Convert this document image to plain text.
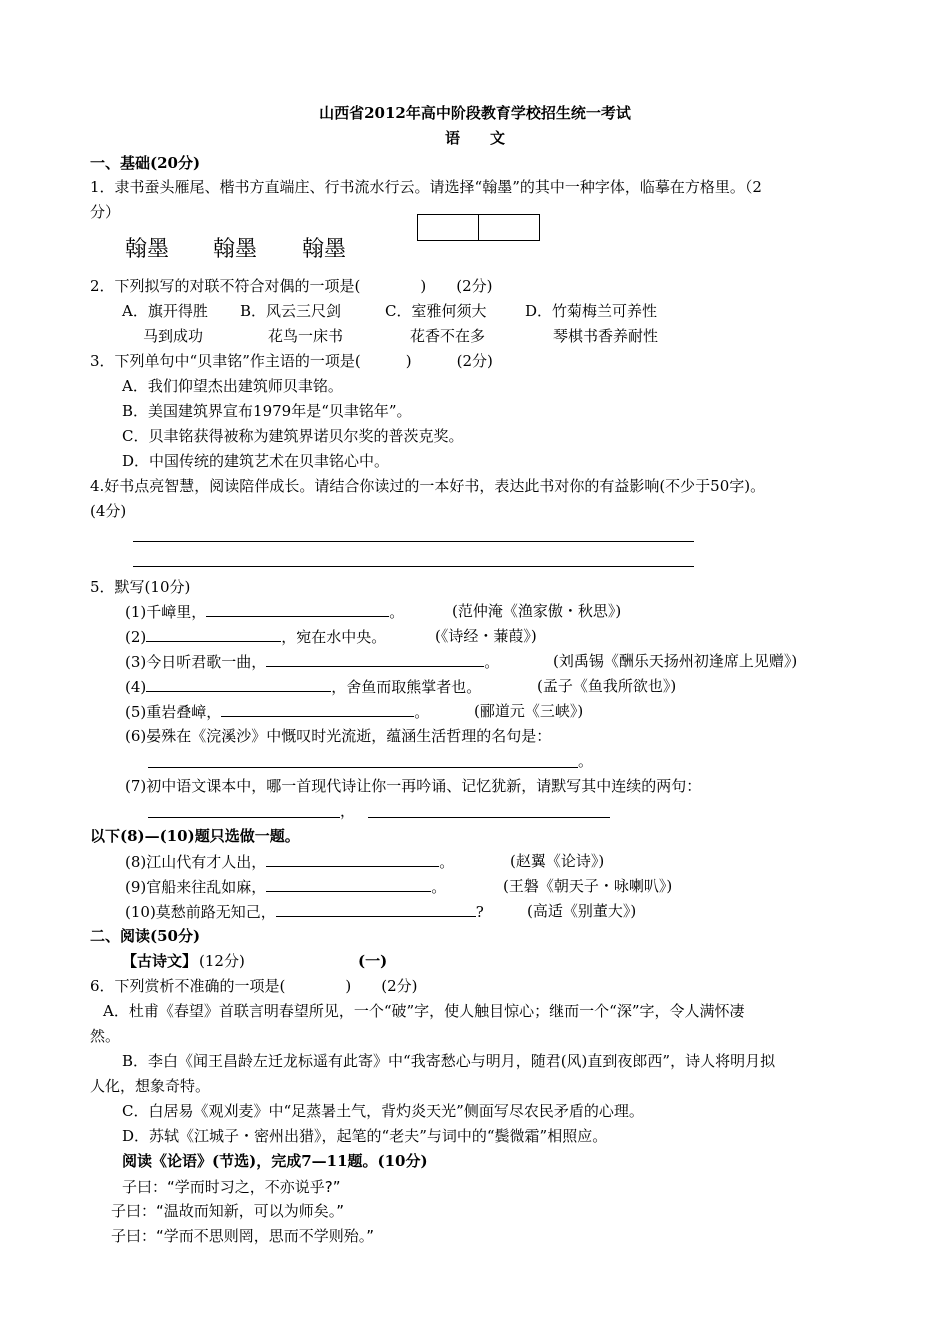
山西省2012年高中阶段教育学校招生统一考试
语　　文
一、基础(20分)
1．隶书蚕头雁尾、楷书方直端庄、行书流水行云。请选择“翰墨”的其中一种字体，临摹在方格里。（2
分）
翰墨 翰墨 翰墨
2．下列拟写的对联不符合对偶的一项是(　　　　)　　(2分)
A．旗开得胜 B．风云三尺剑	C．室雅何须大	D．竹菊梅兰可养性
马到成功	花鸟一床书	花香不在多	琴棋书香养耐性
3．下列单句中“贝聿铭”作主语的一项是(　　　)　　　(2分)
A．我们仰望杰出建筑师贝聿铭。
B．美国建筑界宣布1979年是“贝聿铭年”。
C．贝聿铭获得被称为建筑界诺贝尔奖的普茨克奖。
D．中国传统的建筑艺术在贝聿铭心中。
4.好书点亮智慧，阅读陪伴成长。请结合你读过的一本好书，表达此书对你的有益影响(不少于50字)。
(4分)
5．默写(10分)
(1)千嶂里，	。	(范仲淹《渔家傲・秋思》)
(2)	，宛在水中央。	(《诗经・蒹葭》)
(3)今日听君歌一曲，	。	(刘禹锡《酬乐天扬州初逢席上见赠》)
(4)	，舍鱼而取熊掌者也。	(孟子《鱼我所欲也》)
(5)重岩叠嶂，	。	(郦道元《三峡》)
(6)晏殊在《浣溪沙》中慨叹时光流逝，蕴涵生活哲理的名句是：
。
(7)初中语文课本中，哪一首现代诗让你一再吟诵、记忆犹新，请默写其中连续的两句：
，
以下(8)—(10)题只选做一题。
(8)江山代有才人出，	。	(赵翼《论诗》)
(9)官船来往乱如麻，	。	(王磐《朝天子・咏喇叭》)
(10)莫愁前路无知己，	?	(高适《别董大》)
二、阅读(50分)
【古诗文】 (12分)	(一)
6．下列赏析不准确的一项是(　　　　)　　(2分)
A．杜甫《春望》首联言明春望所见，一个“破”字，使人触目惊心；继而一个“深”字，令人满怀凄
然。
B．李白《闻王昌龄左迁龙标遥有此寄》中“我寄愁心与明月，随君(风)直到夜郎西”，诗人将明月拟
人化，想象奇特。
C．白居易《观刈麦》中“足蒸暑土气，背灼炎天光”侧面写尽农民矛盾的心理。
D．苏轼《江城子・密州出猎》，起笔的“老夫”与词中的“鬓微霜”相照应。
阅读《论语》(节选)，完成7—11题。(10分)
子曰：“学而时习之，不亦说乎?”
子曰：“温故而知新，可以为师矣。”
子曰：“学而不思则罔，思而不学则殆。”
